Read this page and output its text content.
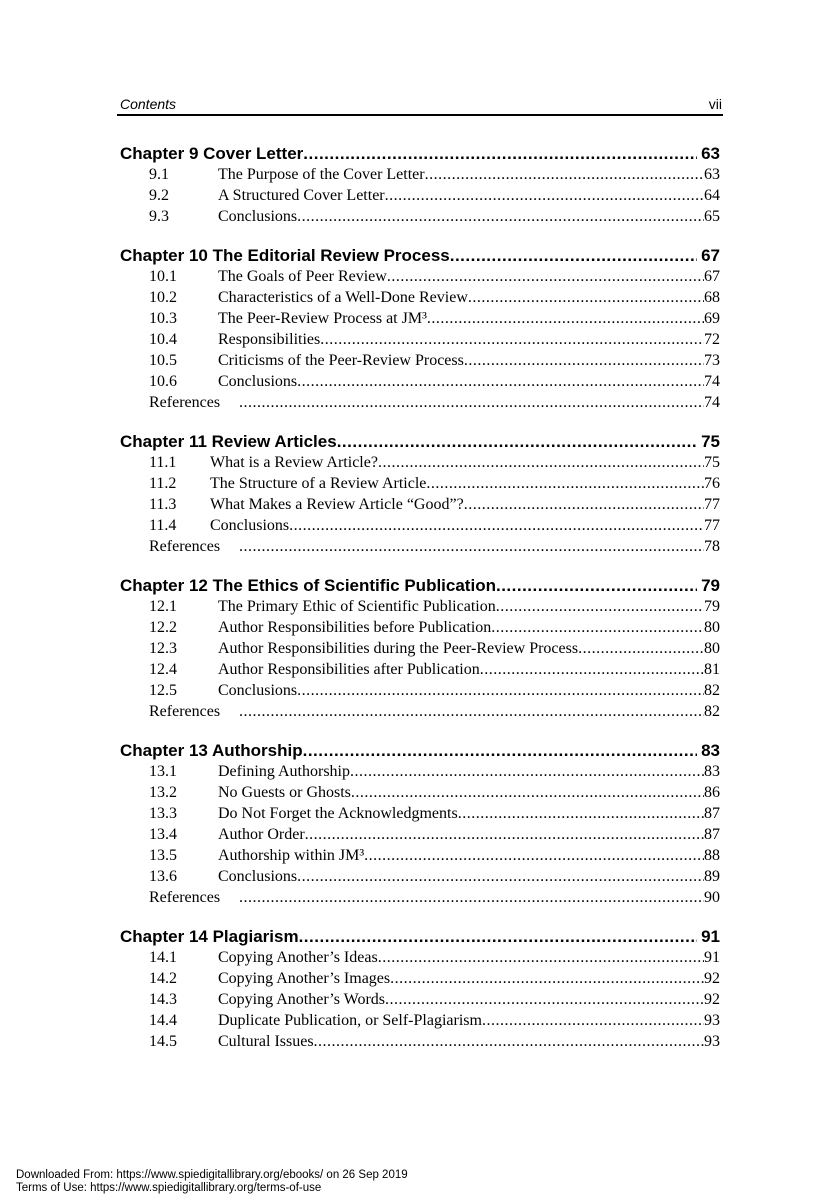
Contents	vii
Chapter 9 Cover Letter .....	63
9.1	The Purpose of the Cover Letter .....	63
9.2	A Structured Cover Letter .....	64
9.3	Conclusions .....	65
Chapter 10 The Editorial Review Process .....	67
10.1	The Goals of Peer Review .....	67
10.2	Characteristics of a Well-Done Review .....	68
10.3	The Peer-Review Process at JM³ .....	69
10.4	Responsibilities .....	72
10.5	Criticisms of the Peer-Review Process .....	73
10.6	Conclusions .....	74
References .....	74
Chapter 11 Review Articles .....	75
11.1	What is a Review Article? .....	75
11.2	The Structure of a Review Article .....	76
11.3	What Makes a Review Article “Good”? .....	77
11.4	Conclusions .....	77
References .....	78
Chapter 12 The Ethics of Scientific Publication .....	79
12.1	The Primary Ethic of Scientific Publication .....	79
12.2	Author Responsibilities before Publication .....	80
12.3	Author Responsibilities during the Peer-Review Process .....	80
12.4	Author Responsibilities after Publication .....	81
12.5	Conclusions .....	82
References .....	82
Chapter 13 Authorship .....	83
13.1	Defining Authorship .....	83
13.2	No Guests or Ghosts .....	86
13.3	Do Not Forget the Acknowledgments .....	87
13.4	Author Order .....	87
13.5	Authorship within JM³ .....	88
13.6	Conclusions .....	89
References .....	90
Chapter 14 Plagiarism .....	91
14.1	Copying Another’s Ideas .....	91
14.2	Copying Another’s Images .....	92
14.3	Copying Another’s Words .....	92
14.4	Duplicate Publication, or Self-Plagiarism .....	93
14.5	Cultural Issues .....	93
Downloaded From: https://www.spiedigitallibrary.org/ebooks/ on 26 Sep 2019
Terms of Use: https://www.spiedigitallibrary.org/terms-of-use
